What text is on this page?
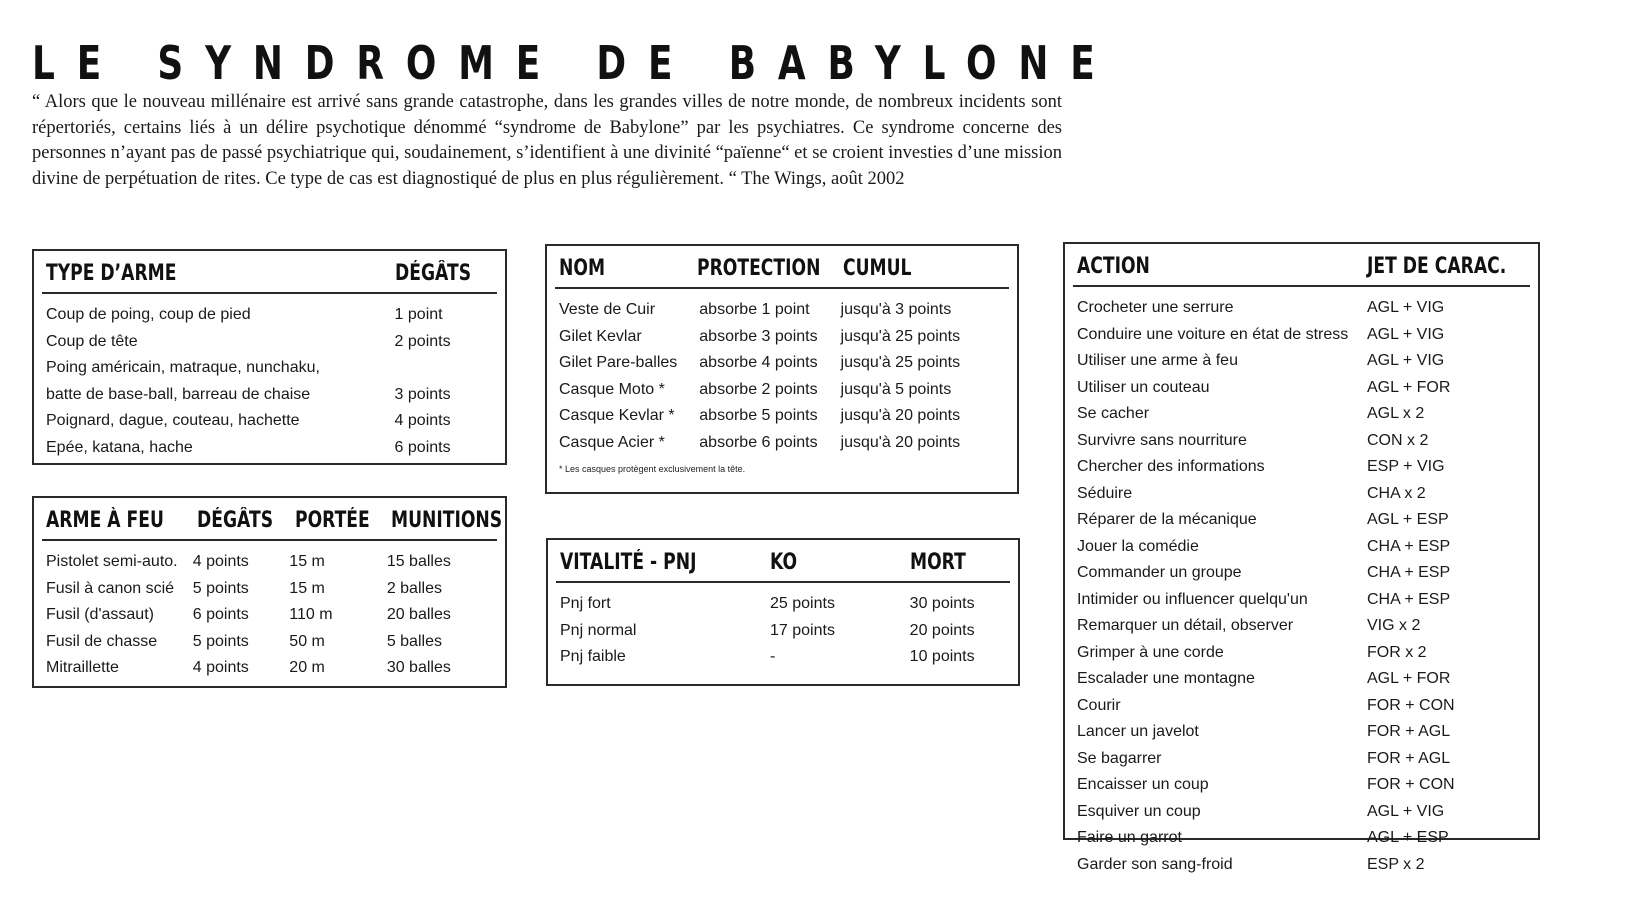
LE SYNDROME DE BABYLONE

“ Alors que le nouveau millénaire est arrivé sans grande catastrophe, dans les grandes villes de notre monde, de nombreux incidents sont répertoriés, certains liés à un délire psychotique dénommé “syndrome de Babylone” par les psychiatres. Ce syndrome concerne des personnes n’ayant pas de passé psychiatrique qui, soudainement, s’identifient à une divinité “païenne“ et se croient investies d’une mission divine de perpétuation de rites. Ce type de cas est diagnostiqué de plus en plus régulièrement. “ The Wings, août 2002

TYPE D’ARME	DÉGÂTS
Coup de poing, coup de pied	1 point
Coup de tête	2 points
Poing américain, matraque, nunchaku,
batte de base-ball, barreau de chaise	3 points
Poignard, dague, couteau, hachette	4 points
Epée, katana, hache	6 points
ARME À FEU	DÉGÂTS PORTÉE MUNITIONS
Pistolet semi-auto. 4 points	15 m	15 balles
Fusil à canon scié	5 points	15 m	2 balles
Fusil (d'assaut)	6 points	110 m	20 balles
Fusil de chasse	5 points	50 m	5 balles
Mitraillette	4 points	20 m	30 balles
NOM	PROTECTION	CUMUL
Veste de Cuir	absorbe 1 point	jusqu'à 3 points
Gilet Kevlar	absorbe 3 points	jusqu'à 25 points
Gilet Pare-balles	absorbe 4 points	jusqu'à 25 points
Casque Moto *	absorbe 2 points	jusqu'à 5 points
Casque Kevlar *	absorbe 5 points	jusqu'à 20 points
Casque Acier *	absorbe 6 points	jusqu'à 20 points
* Les casques protègent exclusivement la tête.
VITALITÉ - PNJ	KO	MORT
Pnj fort	25 points	30 points
Pnj normal	17 points	20 points
Pnj faible	-	10 points
ACTION	JET DE CARAC.
Crocheter une serrure	AGL + VIG
Conduire une voiture en état de stress	AGL + VIG
Utiliser une arme à feu	AGL + VIG
Utiliser un couteau	AGL + FOR
Se cacher	AGL x 2
Survivre sans nourriture	CON x 2
Chercher des informations	ESP + VIG
Séduire	CHA x 2
Réparer de la mécanique	AGL + ESP
Jouer la comédie	CHA + ESP
Commander un groupe	CHA + ESP
Intimider ou influencer quelqu'un	CHA + ESP
Remarquer un détail, observer	VIG x 2
Grimper à une corde	FOR x 2
Escalader une montagne	AGL + FOR
Courir	FOR + CON
Lancer un javelot	FOR + AGL
Se bagarrer	FOR + AGL
Encaisser un coup	FOR + CON
Esquiver un coup	AGL + VIG
Faire un garrot	AGL + ESP
Garder son sang-froid	ESP x 2
